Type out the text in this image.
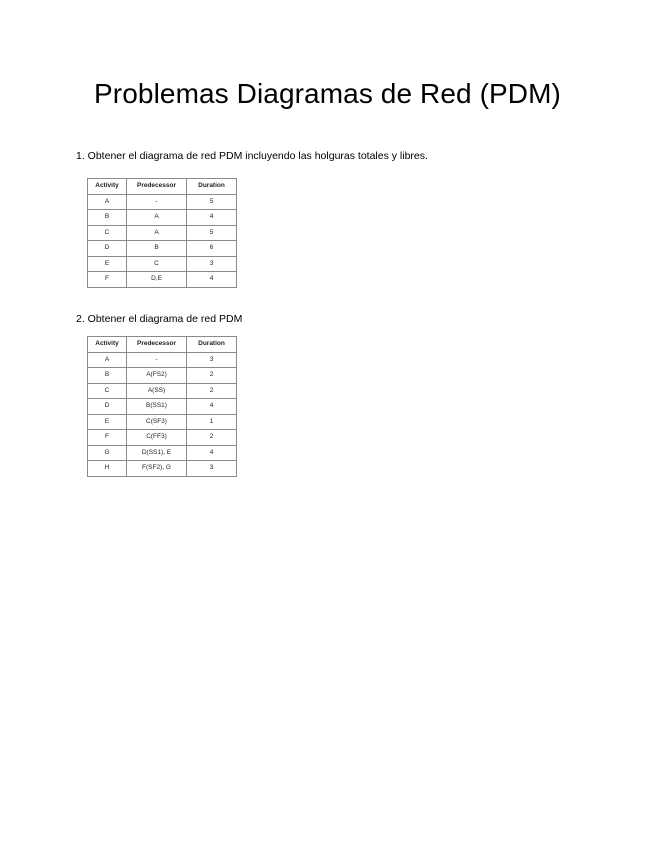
Problemas Diagramas de Red (PDM)

1. Obtener el diagrama de red PDM incluyendo las holguras totales y libres.

Activity	Predecessor	Duration
A	-	5
B	A	4
C	A	5
D	B	6
E	C	3
F	D,E	4

2. Obtener el diagrama de red PDM

Activity	Predecessor	Duration
A	-	3
B	A(FS2)	2
C	A(SS)	2
D	B(SS1)	4
E	C(SF3)	1
F	C(FF3)	2
G	D(SS1), E	4
H	F(SF2), G	3
